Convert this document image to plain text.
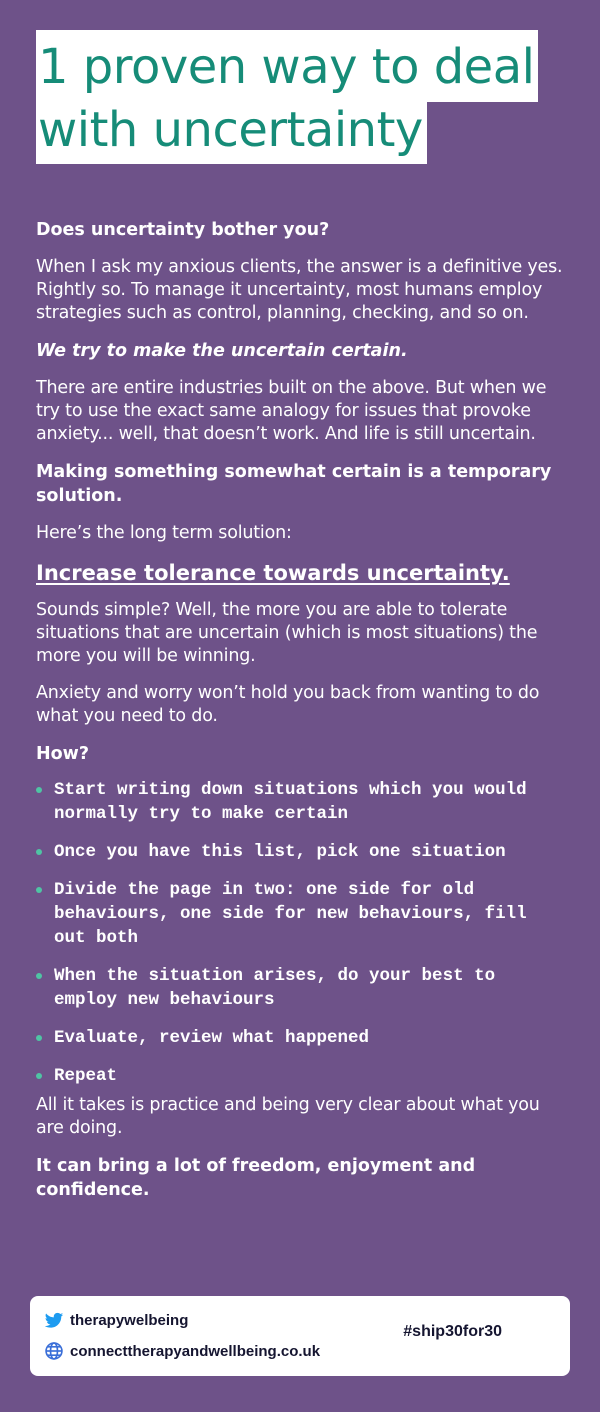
1 proven way to deal
with uncertainty

Does uncertainty bother you?

When I ask my anxious clients, the answer is a definitive yes. Rightly so. To manage it uncertainty, most humans employ strategies such as control, planning, checking, and so on.

We try to make the uncertain certain.

There are entire industries built on the above. But when we try to use the exact same analogy for issues that provoke anxiety... well, that doesn’t work. And life is still uncertain.

Making something somewhat certain is a temporary solution.

Here’s the long term solution:

Increase tolerance towards uncertainty.

Sounds simple? Well, the more you are able to tolerate situations that are uncertain (which is most situations) the more you will be winning.

Anxiety and worry won’t hold you back from wanting to do what you need to do.

How?

Start writing down situations which you would normally try to make certain
Once you have this list, pick one situation
Divide the page in two: one side for old behaviours, one side for new behaviours, fill out both
When the situation arises, do your best to employ new behaviours
Evaluate, review what happened
Repeat

All it takes is practice and being very clear about what you are doing.

It can bring a lot of freedom, enjoyment and confidence.

therapywelbeing
connecttherapyandwellbeing.co.uk
#ship30for30
